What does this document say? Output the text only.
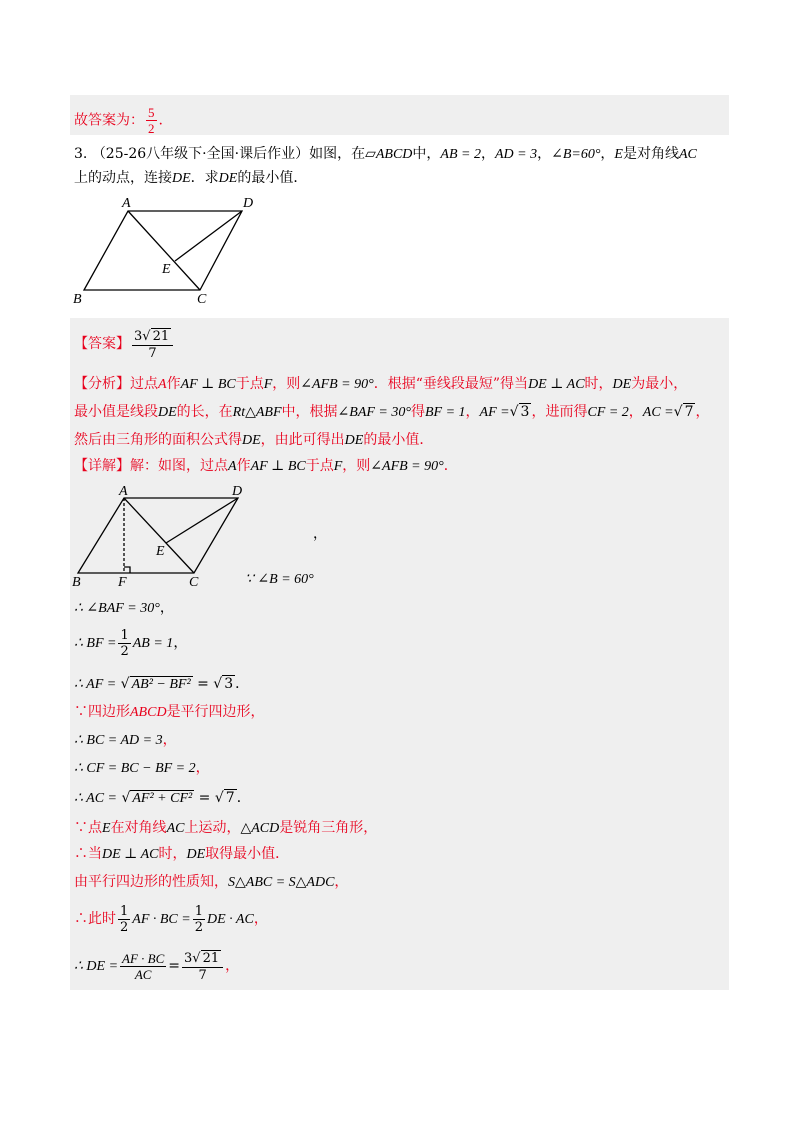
故答案为： $\frac{5}{2}$ .
3. （25-26八年级下·全国·课后作业）如图，在▱ABCD中，AB = 2，AD = 3，∠B=60°，E是对角线AC
上的动点，连接DE．求DE的最小值．
A	D
E
B	C
【答案】 $\frac{3√ 21}{7}$
【分析】过点A作AF ⊥ BC于点F，则∠AFB = 90°．根据“垂线段最短”得当DE ⊥ AC时，DE为最小，
最小值是线段DE的长，在Rt△ABF中，根据∠BAF = 30°得BF = 1，AF =√ 3 ，进而得CF = 2，AC =√ 7 ，
然后由三角形的面积公式得DE，由此可得出DE的最小值．
【详解】解：如图，过点A作AF ⊥ BC于点F，则∠AFB = 90°．
A	D
E
B	F	C
，
∵ ∠B = 60°
∴ ∠BAF = 30°，
∴ BF = $\frac{1}{2}$ AB = 1，
∴ AF = √ AB² − BF² = √ 3 ．
∵四边形ABCD是平行四边形，
∴ BC = AD = 3，
∴ CF = BC − BF = 2，
∴ AC = √ AF² + CF² = √ 7 ．
∵点E在对角线AC上运动，△ACD是锐角三角形，
∴当DE ⊥ AC时，DE取得最小值．
由平行四边形的性质知，S△ABC = S△ADC，
∴此时 $\frac{1}{2}$ AF · BC = $\frac{1}{2}$ DE · AC，
∴ DE = $\frac{AF \cdot BC}{AC} = \frac{3√ 21}{7}$ ，
